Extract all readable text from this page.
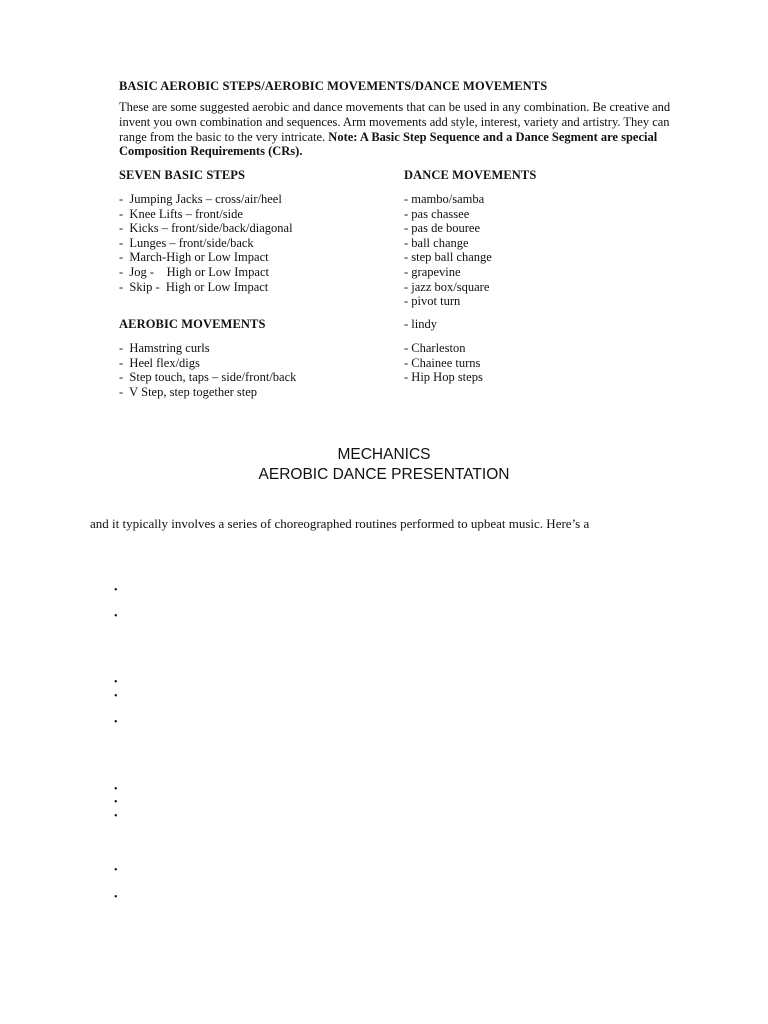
BASIC AEROBIC STEPS/AEROBIC MOVEMENTS/DANCE MOVEMENTS
These are some suggested aerobic and dance movements that can be used in any combination. Be creative and invent you own combination and sequences. Arm movements add style, interest, variety and artistry. They can range from the basic to the very intricate. Note: A Basic Step Sequence and a Dance Segment are special Composition Requirements (CRs).
SEVEN BASIC STEPS	DANCE MOVEMENTS
-  Jumping Jacks – cross/air/heel
-  Knee Lifts – front/side
-  Kicks – front/side/back/diagonal
-  Lunges – front/side/back
-  March-High or Low Impact
-  Jog -    High or Low Impact
-  Skip -  High or Low Impact
- mambo/samba
- pas chassee
- pas de bouree
- ball change
- step ball change
- grapevine
- jazz box/square
- pivot turn
AEROBIC MOVEMENTS	- lindy
-  Hamstring curls
-  Heel flex/digs
-  Step touch, taps – side/front/back
-  V Step, step together step
- Charleston
- Chainee turns
- Hip Hop steps
MECHANICS
AEROBIC DANCE PRESENTATION
and it typically involves a series of choreographed routines performed to upbeat music. Here’s a
•
•
•
•
•
•
•
•
•
•
